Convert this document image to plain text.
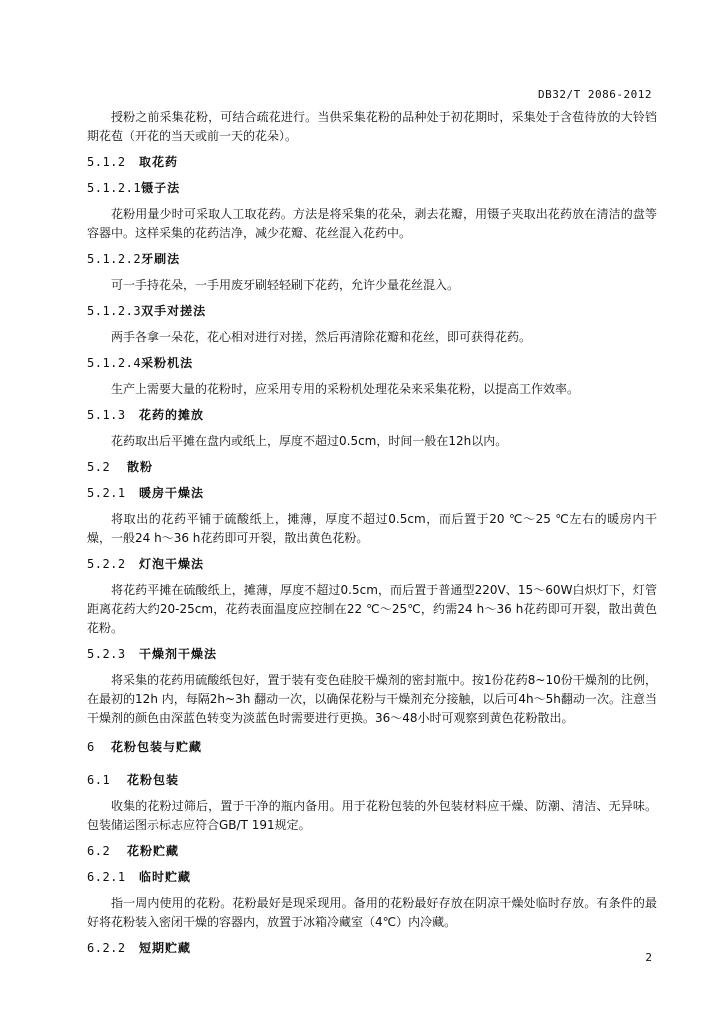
DB32/T 2086-2012

授粉之前采集花粉，可结合疏花进行。当供采集花粉的品种处于初花期时，采集处于含苞待放的大铃铛期花苞（开花的当天或前一天的花朵）。

5.1.2	取花药
5.1.2.1 镊子法

花粉用量少时可采取人工取花药。方法是将采集的花朵，剥去花瓣，用镊子夹取出花药放在清洁的盘等容器中。这样采集的花药洁净，减少花瓣、花丝混入花药中。

5.1.2.2 牙刷法

可一手持花朵，一手用废牙刷轻轻刷下花药，允许少量花丝混入。

5.1.2.3 双手对搓法

两手各拿一朵花，花心相对进行对搓，然后再清除花瓣和花丝，即可获得花药。

5.1.2.4 采粉机法

生产上需要大量的花粉时，应采用专用的采粉机处理花朵来采集花粉，以提高工作效率。

5.1.3	花药的摊放

花药取出后平摊在盘内或纸上，厚度不超过0.5cm，时间一般在12h以内。

5.2	散粉
5.2.1	暖房干燥法

将取出的花药平铺于硫酸纸上，摊薄，厚度不超过0.5cm，而后置于20 ℃～25 ℃左右的暖房内干燥，一般24 h～36 h花药即可开裂，散出黄色花粉。

5.2.2	灯泡干燥法

将花药平摊在硫酸纸上，摊薄，厚度不超过0.5cm，而后置于普通型220V、15～60W白炽灯下，灯管距离花药大约20-25cm，花药表面温度应控制在22 ℃～25℃，约需24 h～36 h花药即可开裂，散出黄色花粉。

5.2.3	干燥剂干燥法

将采集的花药用硫酸纸包好，置于装有变色硅胶干燥剂的密封瓶中。按1份花药8~10份干燥剂的比例，在最初的12h 内，每隔2h~3h 翻动一次，以确保花粉与干燥剂充分接触，以后可4h～5h翻动一次。注意当干燥剂的颜色由深蓝色转变为淡蓝色时需要进行更换。36～48小时可观察到黄色花粉散出。

6	花粉包装与贮藏
6.1	花粉包装

收集的花粉过筛后，置于干净的瓶内备用。用于花粉包装的外包装材料应干燥、防潮、清洁、无异味。包装储运图示标志应符合GB/T 191规定。

6.2	花粉贮藏
6.2.1	临时贮藏

指一周内使用的花粉。花粉最好是现采现用。备用的花粉最好存放在阴凉干燥处临时存放。有条件的最好将花粉装入密闭干燥的容器内，放置于冰箱冷藏室（4℃）内冷藏。

6.2.2	短期贮藏
2
